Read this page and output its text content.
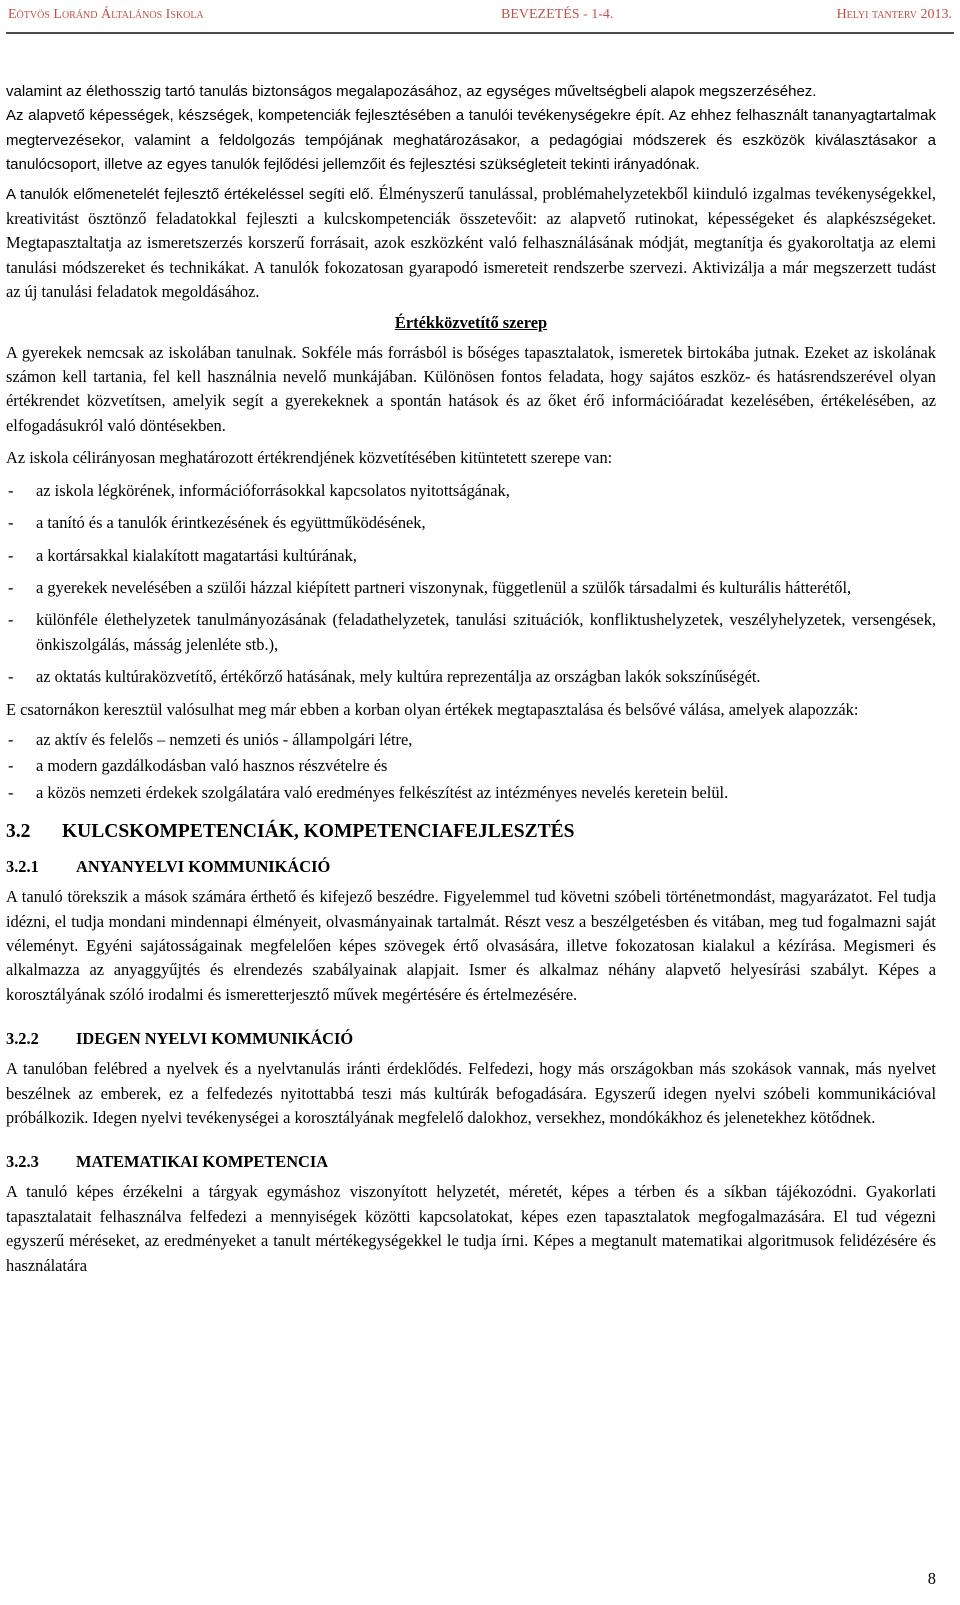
Eötvös Loránd Általános Iskola	BEVEZETÉS - 1-4.	Helyi tanterv 2013.

valamint az élethosszig tartó tanulás biztonságos megalapozásához, az egységes műveltségbeli alapok megszerzéséhez.

Az alapvető képességek, készségek, kompetenciák fejlesztésében a tanulói tevékenységekre épít. Az ehhez felhasznált tananyagtartalmak megtervezésekor, valamint a feldolgozás tempójának meghatározásakor, a pedagógiai módszerek és eszközök kiválasztásakor a tanulócsoport, illetve az egyes tanulók fejlődési jellemzőit és fejlesztési szükségleteit tekinti irányadónak.

A tanulók előmenetelét fejlesztő értékeléssel segíti elő. Élményszerű tanulással, problémahelyzetekből kiinduló izgalmas tevékenységekkel, kreativitást ösztönző feladatokkal fejleszti a kulcskompetenciák összetevőit: az alapvető rutinokat, képességeket és alapkészségeket. Megtapasztaltatja az ismeretszerzés korszerű forrásait, azok eszközként való felhasználásának módját, megtanítja és gyakoroltatja az elemi tanulási módszereket és technikákat. A tanulók fokozatosan gyarapodó ismereteit rendszerbe szervezi. Aktivizálja a már megszerzett tudást az új tanulási feladatok megoldásához.

Értékközvetítő szerep

A gyerekek nemcsak az iskolában tanulnak. Sokféle más forrásból is bőséges tapasztalatok, ismeretek birtokába jutnak. Ezeket az iskolának számon kell tartania, fel kell használnia nevelő munkájában. Különösen fontos feladata, hogy sajátos eszköz- és hatásrendszerével olyan értékrendet közvetítsen, amelyik segít a gyerekeknek a spontán hatások és az őket érő információáradat kezelésében, értékelésében, az elfogadásukról való döntésekben.

Az iskola célirányosan meghatározott értékrendjének közvetítésében kitüntetett szerepe van:

- az iskola légkörének, információforrásokkal kapcsolatos nyitottságának,
- a tanító és a tanulók érintkezésének és együttműködésének,
- a kortársakkal kialakított magatartási kultúrának,
- a gyerekek nevelésében a szülői házzal kiépített partneri viszonynak, függetlenül a szülők társadalmi és kulturális hátterétől,
- különféle élethelyzetek tanulmányozásának (feladathelyzetek, tanulási szituációk, konfliktushelyzetek, veszélyhelyzetek, versengések, önkiszolgálás, másság jelenléte stb.),
- az oktatás kultúraközvetítő, értékőrző hatásának, mely kultúra reprezentálja az országban lakók sokszínűségét.

E csatornákon keresztül valósulhat meg már ebben a korban olyan értékek megtapasztalása és belsővé válása, amelyek alapozzák:

- az aktív és felelős – nemzeti és uniós - állampolgári létre,
- a modern gazdálkodásban való hasznos részvételre és
- a közös nemzeti érdekek szolgálatára való eredményes felkészítést az intézményes nevelés keretein belül.
3.2	KULCSKOMPETENCIÁK, KOMPETENCIAFEJLESZTÉS
3.2.1	ANYANYELVI KOMMUNIKÁCIÓ

A tanuló törekszik a mások számára érthető és kifejező beszédre. Figyelemmel tud követni szóbeli történetmondást, magyarázatot. Fel tudja idézni, el tudja mondani mindennapi élményeit, olvasmányainak tartalmát. Részt vesz a beszélgetésben és vitában, meg tud fogalmazni saját véleményt. Egyéni sajátosságainak megfelelően képes szövegek értő olvasására, illetve fokozatosan kialakul a kézírása. Megismeri és alkalmazza az anyaggyűjtés és elrendezés szabályainak alapjait. Ismer és alkalmaz néhány alapvető helyesírási szabályt. Képes a korosztályának szóló irodalmi és ismeretterjesztő művek megértésére és értelmezésére.

3.2.2	IDEGEN NYELVI KOMMUNIKÁCIÓ

A tanulóban felébred a nyelvek és a nyelvtanulás iránti érdeklődés. Felfedezi, hogy más országokban más szokások vannak, más nyelvet beszélnek az emberek, ez a felfedezés nyitottabbá teszi más kultúrák befogadására. Egyszerű idegen nyelvi szóbeli kommunikációval próbálkozik. Idegen nyelvi tevékenységei a korosztályának megfelelő dalokhoz, versekhez, mondókákhoz és jelenetekhez kötődnek.

3.2.3	MATEMATIKAI KOMPETENCIA

A tanuló képes érzékelni a tárgyak egymáshoz viszonyított helyzetét, méretét, képes a térben és a síkban tájékozódni. Gyakorlati tapasztalatait felhasználva felfedezi a mennyiségek közötti kapcsolatokat, képes ezen tapasztalatok megfogalmazására. El tud végezni egyszerű méréseket, az eredményeket a tanult mértékegységekkel le tudja írni. Képes a megtanult matematikai algoritmusok felidézésére és használatára

8
